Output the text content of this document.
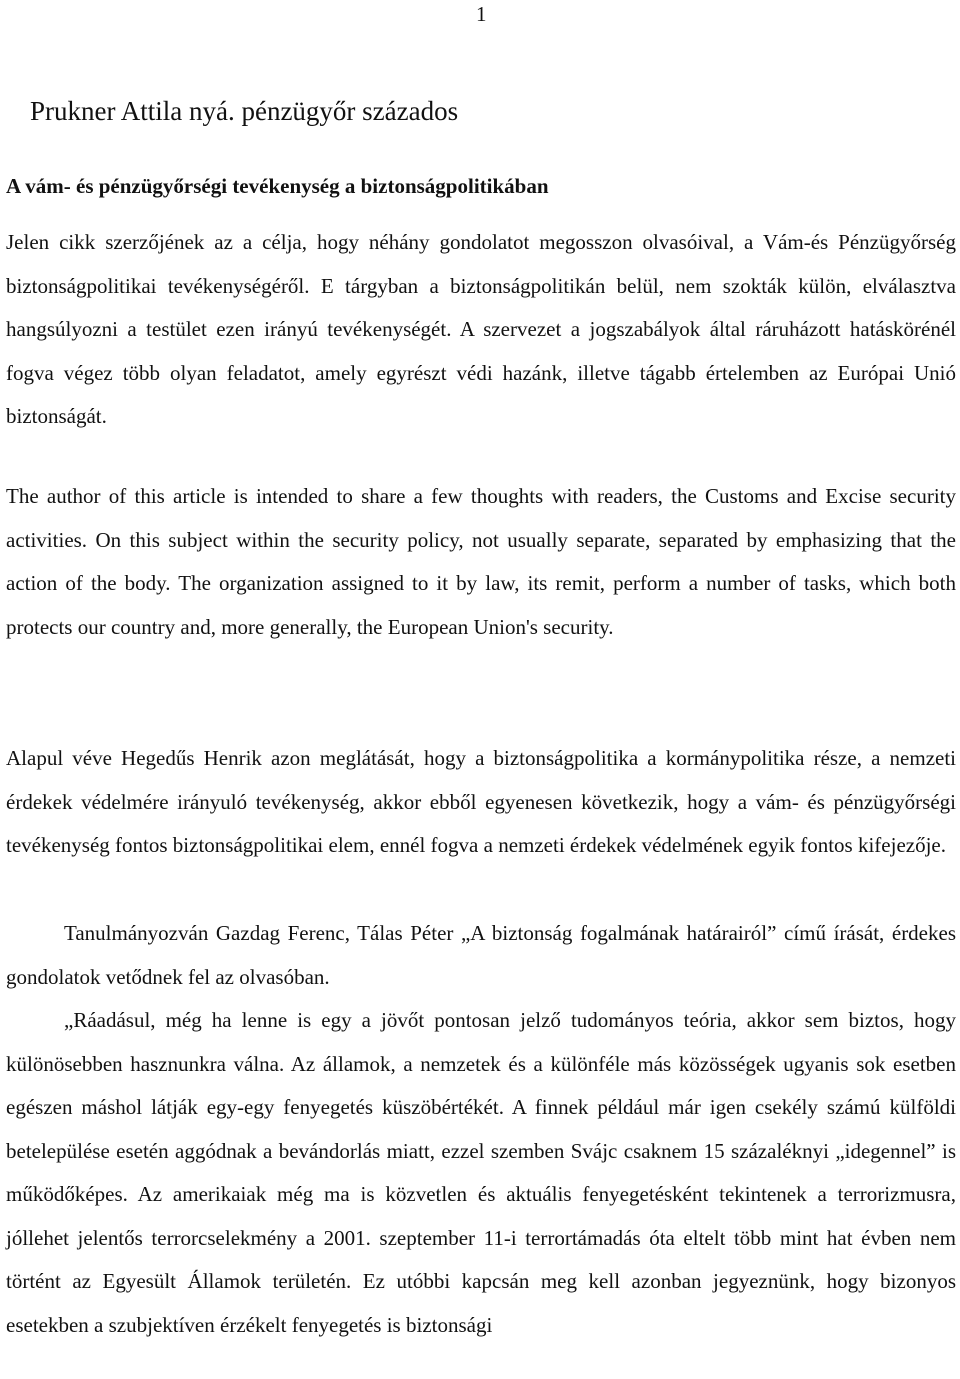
1
Prukner Attila nyá. pénzügyőr százados
A vám- és pénzügyőrségi tevékenység a biztonságpolitikában

Jelen cikk szerzőjének az a célja, hogy néhány gondolatot megosszon olvasóival, a Vám-és Pénzügyőrség biztonságpolitikai tevékenységéről. E tárgyban a biztonságpolitikán belül, nem szokták külön, elválasztva hangsúlyozni a testület ezen irányú tevékenységét. A szervezet a jogszabályok által ráruházott hatáskörénél fogva végez több olyan feladatot, amely egyrészt védi hazánk, illetve tágabb értelemben az Európai Unió biztonságát.

The author of this article is intended to share a few thoughts with readers, the Customs and Excise security activities. On this subject within the security policy, not usually separate, separated by emphasizing that the action of the body. The organization assigned to it by law, its remit, perform a number of tasks, which both protects our country and, more generally, the European Union's security.

Alapul véve Hegedűs Henrik azon meglátását, hogy a biztonságpolitika a kormánypolitika része, a nemzeti érdekek védelmére irányuló tevékenység, akkor ebből egyenesen következik, hogy a vám- és pénzügyőrségi tevékenység fontos biztonságpolitikai elem, ennél fogva a nemzeti érdekek védelmének egyik fontos kifejezője.

Tanulmányozván Gazdag Ferenc, Tálas Péter „A biztonság fogalmának határairól” című írását, érdekes gondolatok vetődnek fel az olvasóban.

„Ráadásul, még ha lenne is egy a jövőt pontosan jelző tudományos teória, akkor sem biztos, hogy különösebben hasznunkra válna. Az államok, a nemzetek és a különféle más közösségek ugyanis sok esetben egészen máshol látják egy-egy fenyegetés küszöbértékét. A finnek például már igen csekély számú külföldi betelepülése esetén aggódnak a bevándorlás miatt, ezzel szemben Svájc csaknem 15 százaléknyi „idegennel” is működőképes. Az amerikaiak még ma is közvetlen és aktuális fenyegetésként tekintenek a terrorizmusra, jóllehet jelentős terrorcselekmény a 2001. szeptember 11-i terrortámadás óta eltelt több mint hat évben nem történt az Egyesült Államok területén. Ez utóbbi kapcsán meg kell azonban jegyeznünk, hogy bizonyos esetekben a szubjektíven érzékelt fenyegetés is biztonsági
